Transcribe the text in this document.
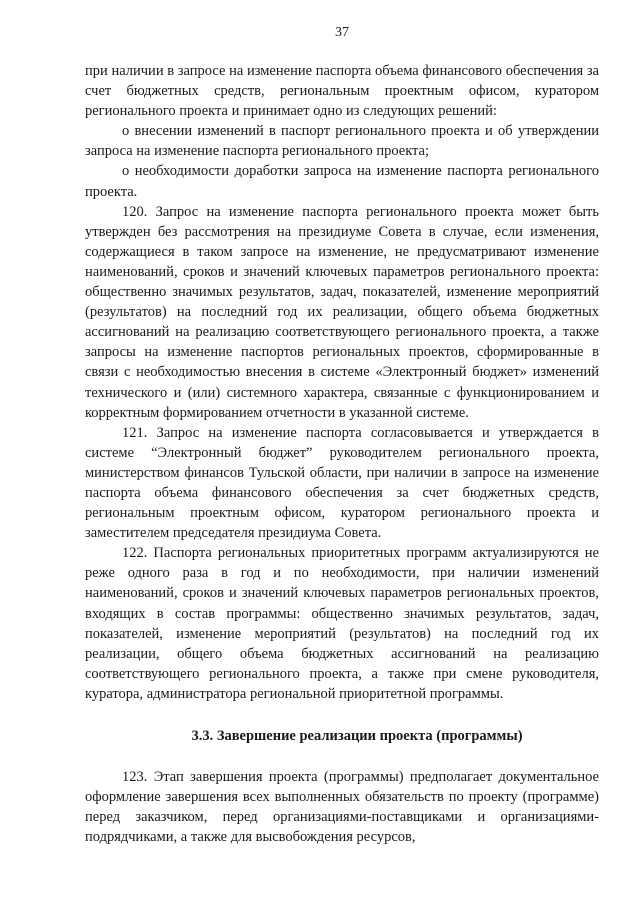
37

при наличии в запросе на изменение паспорта объема финансового обеспечения за счет бюджетных средств, региональным проектным офисом, куратором регионального проекта и принимает одно из следующих решений:

о внесении изменений в паспорт регионального проекта и об утверждении запроса на изменение паспорта регионального проекта;

о необходимости доработки запроса на изменение паспорта регионального проекта.

120. Запрос на изменение паспорта регионального проекта может быть утвержден без рассмотрения на президиуме Совета в случае, если изменения, содержащиеся в таком запросе на изменение, не предусматривают изменение наименований, сроков и значений ключевых параметров регионального проекта: общественно значимых результатов, задач, показателей, изменение мероприятий (результатов) на последний год их реализации, общего объема бюджетных ассигнований на реализацию соответствующего регионального проекта, а также запросы на изменение паспортов региональных проектов, сформированные в связи с необходимостью внесения в системе «Электронный бюджет» изменений технического и (или) системного характера, связанные с функционированием и корректным формированием отчетности в указанной системе.

121. Запрос на изменение паспорта согласовывается и утверждается в системе “Электронный бюджет” руководителем регионального проекта, министерством финансов Тульской области, при наличии в запросе на изменение паспорта объема финансового обеспечения за счет бюджетных средств, региональным проектным офисом, куратором регионального проекта и заместителем председателя президиума Совета.

122. Паспорта региональных приоритетных программ актуализируются не реже одного раза в год и по необходимости, при наличии изменений наименований, сроков и значений ключевых параметров региональных проектов, входящих в состав программы: общественно значимых результатов, задач, показателей, изменение мероприятий (результатов) на последний год их реализации, общего объема бюджетных ассигнований на реализацию соответствующего регионального проекта, а также при смене руководителя, куратора, администратора региональной приоритетной программы.

3.3. Завершение реализации проекта (программы)

123. Этап завершения проекта (программы) предполагает документальное оформление завершения всех выполненных обязательств по проекту (программе) перед заказчиком, перед организациями-поставщиками и организациями-подрядчиками, а также для высвобождения ресурсов,
